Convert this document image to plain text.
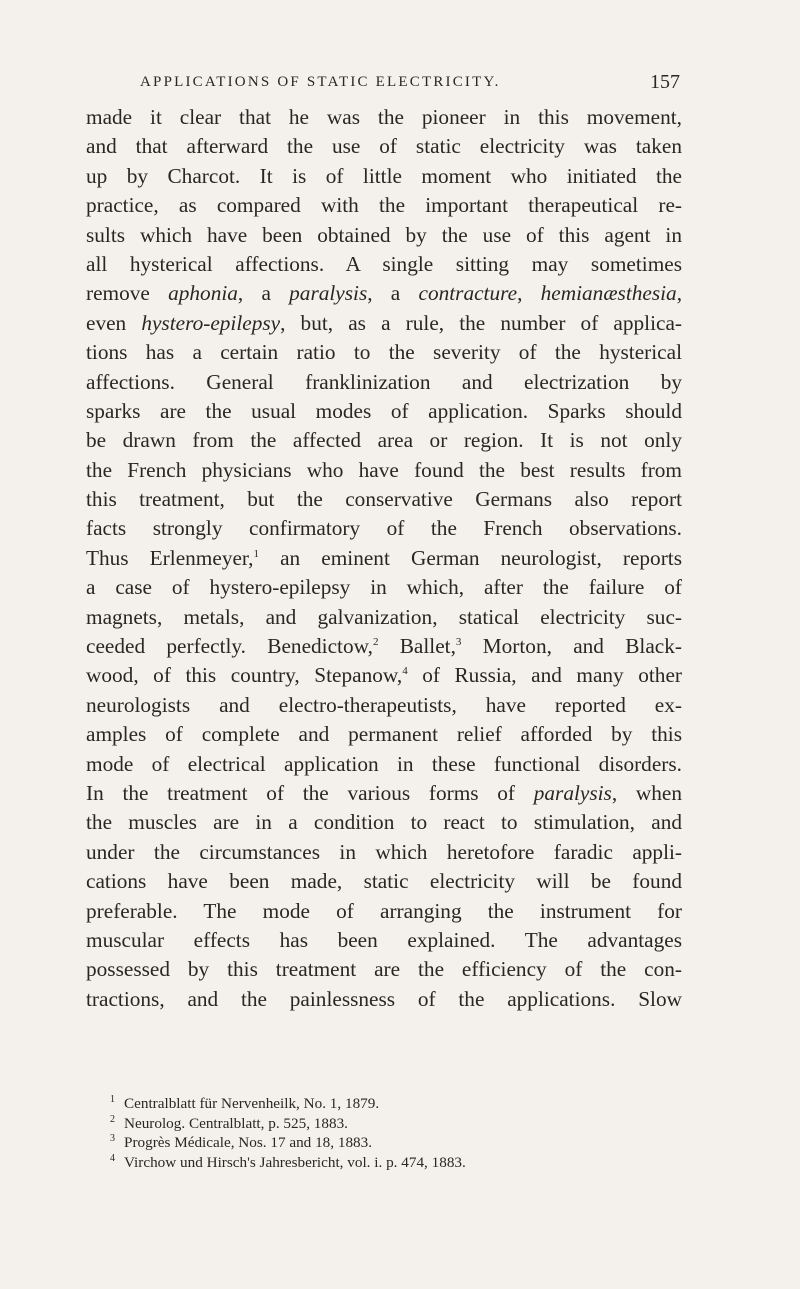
APPLICATIONS OF STATIC ELECTRICITY.	157
made it clear that he was the pioneer in this movement,
and that afterward the use of static electricity was taken
up by Charcot. It is of little moment who initiated the
practice, as compared with the important therapeutical re-
sults which have been obtained by the use of this agent in
all hysterical affections. A single sitting may sometimes
remove aphonia, a paralysis, a contracture, hemianæsthesia,
even hystero-epilepsy, but, as a rule, the number of applica-
tions has a certain ratio to the severity of the hysterical
affections. General franklinization and electrization by
sparks are the usual modes of application. Sparks should
be drawn from the affected area or region. It is not only
the French physicians who have found the best results from
this treatment, but the conservative Germans also report
facts strongly confirmatory of the French observations.
Thus Erlenmeyer,$^1$ an eminent German neurologist, reports
a case of hystero-epilepsy in which, after the failure of
magnets, metals, and galvanization, statical electricity suc-
ceeded perfectly. Benedictow,$^2$ Ballet,$^3$ Morton, and Black-
wood, of this country, Stepanow,$^4$ of Russia, and many other
neurologists and electro-therapeutists, have reported ex-
amples of complete and permanent relief afforded by this
mode of electrical application in these functional disorders.
In the treatment of the various forms of paralysis, when
the muscles are in a condition to react to stimulation, and
under the circumstances in which heretofore faradic appli-
cations have been made, static electricity will be found
preferable. The mode of arranging the instrument for
muscular effects has been explained. The advantages
possessed by this treatment are the efficiency of the con-
tractions, and the painlessness of the applications. Slow
1 Centralblatt für Nervenheilk, No. 1, 1879.
2 Neurolog. Centralblatt, p. 525, 1883.
3 Progrès Médicale, Nos. 17 and 18, 1883.
4 Virchow und Hirsch's Jahresbericht, vol. i. p. 474, 1883.
